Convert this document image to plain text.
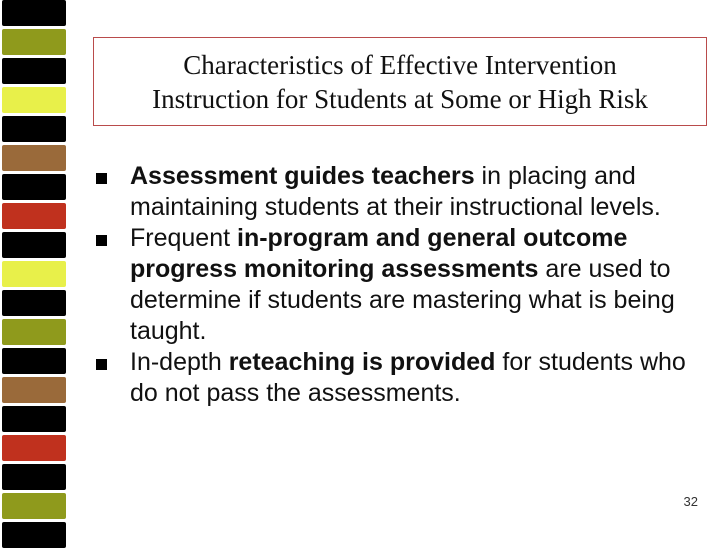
Characteristics of Effective Intervention
Instruction for Students at Some or High Risk
Assessment guides teachers in placing and maintaining students at their instructional levels.
Frequent in-program and general outcome progress monitoring assessments are used to determine if students are mastering what is being taught.
In-depth reteaching is provided for students who do not pass the assessments.
32
